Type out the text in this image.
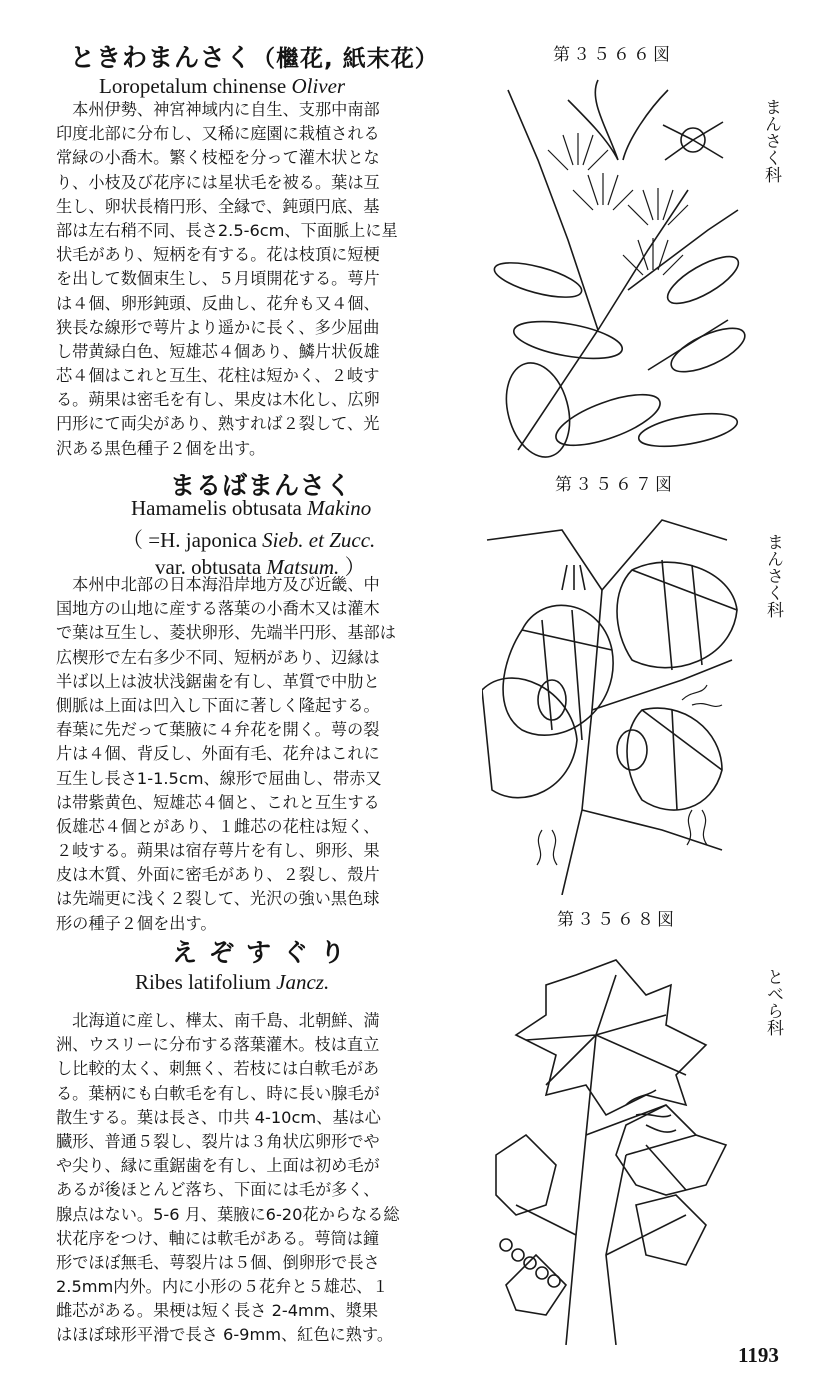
ときわまんさく（檵花, 紙末花）
Loropetalum chinense Oliver
　本州伊勢、神宮神域内に自生、支那中南部
印度北部に分布し、又稀に庭園に栽植される
常緑の小喬木。繁く枝椏を分って灌木状とな
り、小枝及び花序には星状毛を被る。葉は互
生し、卵状長楕円形、全縁で、鈍頭円底、基
部は左右稍不同、長さ2.5-6cm、下面脈上に星
状毛があり、短柄を有する。花は枝頂に短梗
を出して数個束生し、５月頃開花する。萼片
は４個、卵形鈍頭、反曲し、花弁も又４個、
狭長な線形で萼片より遥かに長く、多少屈曲
し帯黄緑白色、短雄芯４個あり、鱗片状仮雄
芯４個はこれと互生、花柱は短かく、２岐す
る。蒴果は密毛を有し、果皮は木化し、広卵
円形にて両尖があり、熟すれば２裂して、光
沢ある黒色種子２個を出す。
第３５６６図
まんさく科
まるばまんさく
Hamamelis obtusata Makino
（ =H. japonica Sieb. et Zucc.
var. obtusata Matsum. ）
　本州中北部の日本海沿岸地方及び近畿、中
国地方の山地に産する落葉の小喬木又は灌木
で葉は互生し、菱状卵形、先端半円形、基部は
広楔形で左右多少不同、短柄があり、辺縁は
半ば以上は波状浅鋸歯を有し、革質で中肋と
側脈は上面は凹入し下面に著しく隆起する。
春葉に先だって葉腋に４弁花を開く。萼の裂
片は４個、背反し、外面有毛、花弁はこれに
互生し長さ1-1.5cm、線形で屈曲し、帯赤又
は帯紫黄色、短雄芯４個と、これと互生する
仮雄芯４個とがあり、１雌芯の花柱は短く、
２岐する。蒴果は宿存萼片を有し、卵形、果
皮は木質、外面に密毛があり、２裂し、殼片
は先端更に浅く２裂して、光沢の強い黒色球
形の種子２個を出す。
第３５６７図
まんさく科
えぞすぐり
Ribes latifolium Jancz.
　北海道に産し、樺太、南千島、北朝鮮、満
洲、ウスリーに分布する落葉灌木。枝は直立
し比較的太く、刺無く、若枝には白軟毛があ
る。葉柄にも白軟毛を有し、時に長い腺毛が
散生する。葉は長さ、巾共 4-10cm、基は心
臓形、普通５裂し、裂片は３角状広卵形でや
や尖り、縁に重鋸歯を有し、上面は初め毛が
あるが後ほとんど落ち、下面には毛が多く、
腺点はない。5-6 月、葉腋に6-20花からなる総
状花序をつけ、軸には軟毛がある。萼筒は鐘
形でほぼ無毛、萼裂片は５個、倒卵形で長さ
2.5mm内外。内に小形の５花弁と５雄芯、１
雌芯がある。果梗は短く長さ 2-4mm、漿果
はほぼ球形平滑で長さ 6-9mm、紅色に熟す。
第３５６８図
とべら科
1193
